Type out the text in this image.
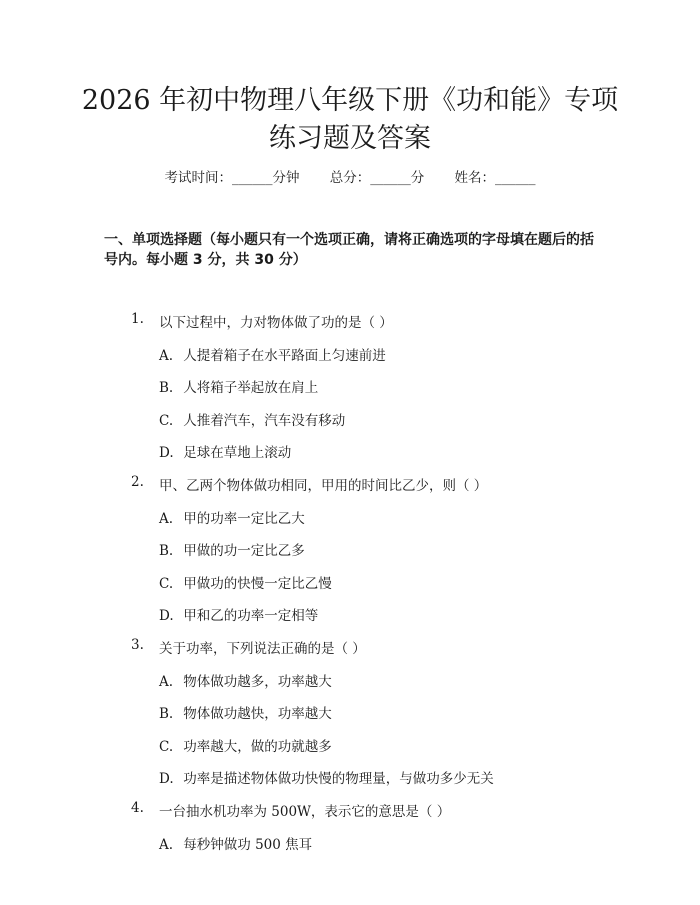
2026 年初中物理八年级下册《功和能》专项
练习题及答案
考试时间：______分钟 总分：______分 姓名：______
一、单项选择题（每小题只有一个选项正确，请将正确选项的字母填在题后的括号内。每小题 3 分，共 30 分）
1. 以下过程中，力对物体做了功的是（ ）
A. 人提着箱子在水平路面上匀速前进
B. 人将箱子举起放在肩上
C. 人推着汽车，汽车没有移动
D. 足球在草地上滚动
2. 甲、乙两个物体做功相同，甲用的时间比乙少，则（ ）
A. 甲的功率一定比乙大
B. 甲做的功一定比乙多
C. 甲做功的快慢一定比乙慢
D. 甲和乙的功率一定相等
3. 关于功率，下列说法正确的是（ ）
A. 物体做功越多，功率越大
B. 物体做功越快，功率越大
C. 功率越大，做的功就越多
D. 功率是描述物体做功快慢的物理量，与做功多少无关
4. 一台抽水机功率为 500W，表示它的意思是（ ）
A. 每秒钟做功 500 焦耳
